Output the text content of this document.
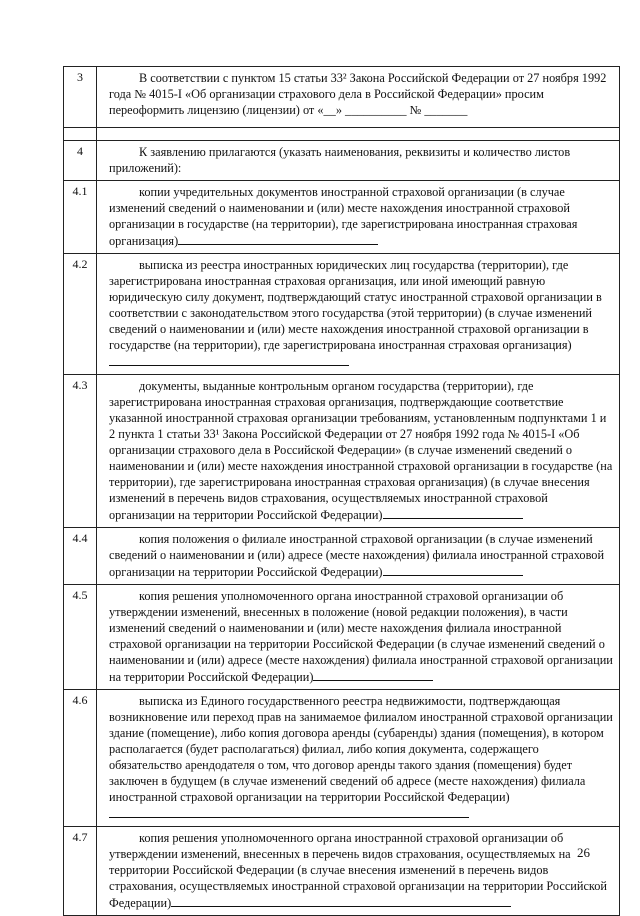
3	В соответствии с пунктом 15 статьи 33² Закона Российской Федерации от 27 ноября 1992 года № 4015-I «Об организации страхового дела в Российской Федерации» просим переоформить лицензию (лицензии) от «__» __________ № _______

4	К заявлению прилагаются (указать наименования, реквизиты и количество листов приложений):
4.1	копии учредительных документов иностранной страховой организации (в случае изменений сведений о наименовании и (или) месте нахождения иностранной страховой организации в государстве (на территории), где зарегистрирована иностранная страховая организация)
4.2	выписка из реестра иностранных юридических лиц государства (территории), где зарегистрирована иностранная страховая организация, или иной имеющий равную юридическую силу документ, подтверждающий статус иностранной страховой организации в соответствии с законодательством этого государства (этой территории) (в случае изменений сведений о наименовании и (или) месте нахождения иностранной страховой организации в государстве (на территории), где зарегистрирована иностранная страховая организация)
4.3	документы, выданные контрольным органом государства (территории), где зарегистрирована иностранная страховая организация, подтверждающие соответствие указанной иностранной страховая организации требованиям, установленным подпунктами 1 и 2 пункта 1 статьи 33¹ Закона Российской Федерации от 27 ноября 1992 года № 4015-I «Об организации страхового дела в Российской Федерации» (в случае изменений сведений о наименовании и (или) месте нахождения иностранной страховой организации в государстве (на территории), где зарегистрирована иностранная страховая организация) (в случае внесения изменений в перечень видов страхования, осуществляемых иностранной страховой организации на территории Российской Федерации)
4.4	копия положения о филиале иностранной страховой организации (в случае изменений сведений о наименовании и (или) адресе (месте нахождения) филиала иностранной страховой организации на территории Российской Федерации)
4.5	копия решения уполномоченного органа иностранной страховой организации об утверждении изменений, внесенных в положение (новой редакции положения), в части изменений сведений о наименовании и (или) месте нахождения филиала иностранной страховой организации на территории Российской Федерации (в случае изменений сведений о наименовании и (или) адресе (месте нахождения) филиала иностранной страховой организации на территории Российской Федерации)
4.6	выписка из Единого государственного реестра недвижимости, подтверждающая возникновение или переход прав на занимаемое филиалом иностранной страховой организации здание (помещение), либо копия договора аренды (субаренды) здания (помещения), в котором располагается (будет располагаться) филиал, либо копия документа, содержащего обязательство арендодателя о том, что договор аренды такого здания (помещения) будет заключен в будущем (в случае изменений сведений об адресе (месте нахождения) филиала иностранной страховой организации на территории Российской Федерации)
4.7	копия решения уполномоченного органа иностранной страховой организации об утверждении изменений, внесенных в перечень видов страхования, осуществляемых на территории Российской Федерации (в случае внесения изменений в перечень видов страхования, осуществляемых иностранной страховой организации на территории Российской Федерации)
26
